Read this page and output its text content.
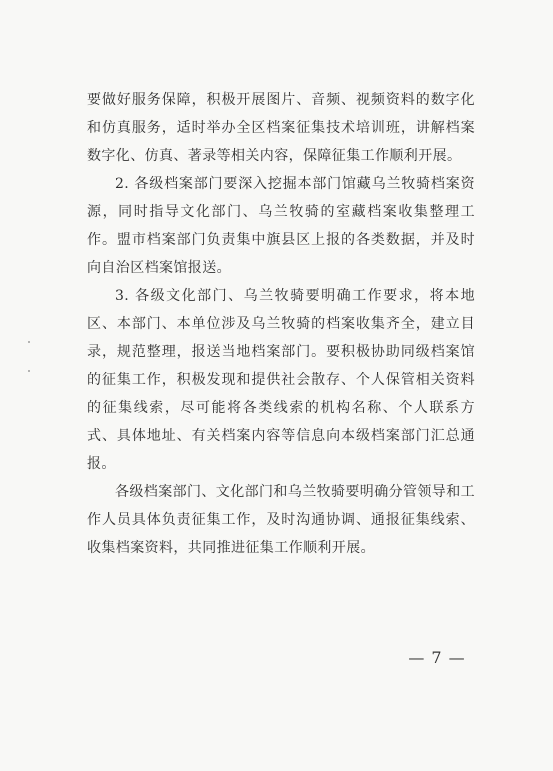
要做好服务保障，积极开展图片、音频、视频资料的数字化和仿真服务，适时举办全区档案征集技术培训班，讲解档案数字化、仿真、著录等相关内容，保障征集工作顺利开展。

2. 各级档案部门要深入挖掘本部门馆藏乌兰牧骑档案资源，同时指导文化部门、乌兰牧骑的室藏档案收集整理工作。盟市档案部门负责集中旗县区上报的各类数据，并及时向自治区档案馆报送。

3. 各级文化部门、乌兰牧骑要明确工作要求，将本地区、本部门、本单位涉及乌兰牧骑的档案收集齐全，建立目录，规范整理，报送当地档案部门。要积极协助同级档案馆的征集工作，积极发现和提供社会散存、个人保管相关资料的征集线索，尽可能将各类线索的机构名称、个人联系方式、具体地址、有关档案内容等信息向本级档案部门汇总通报。

各级档案部门、文化部门和乌兰牧骑要明确分管领导和工作人员具体负责征集工作，及时沟通协调、通报征集线索、收集档案资料，共同推进征集工作顺利开展。

— 7 —
